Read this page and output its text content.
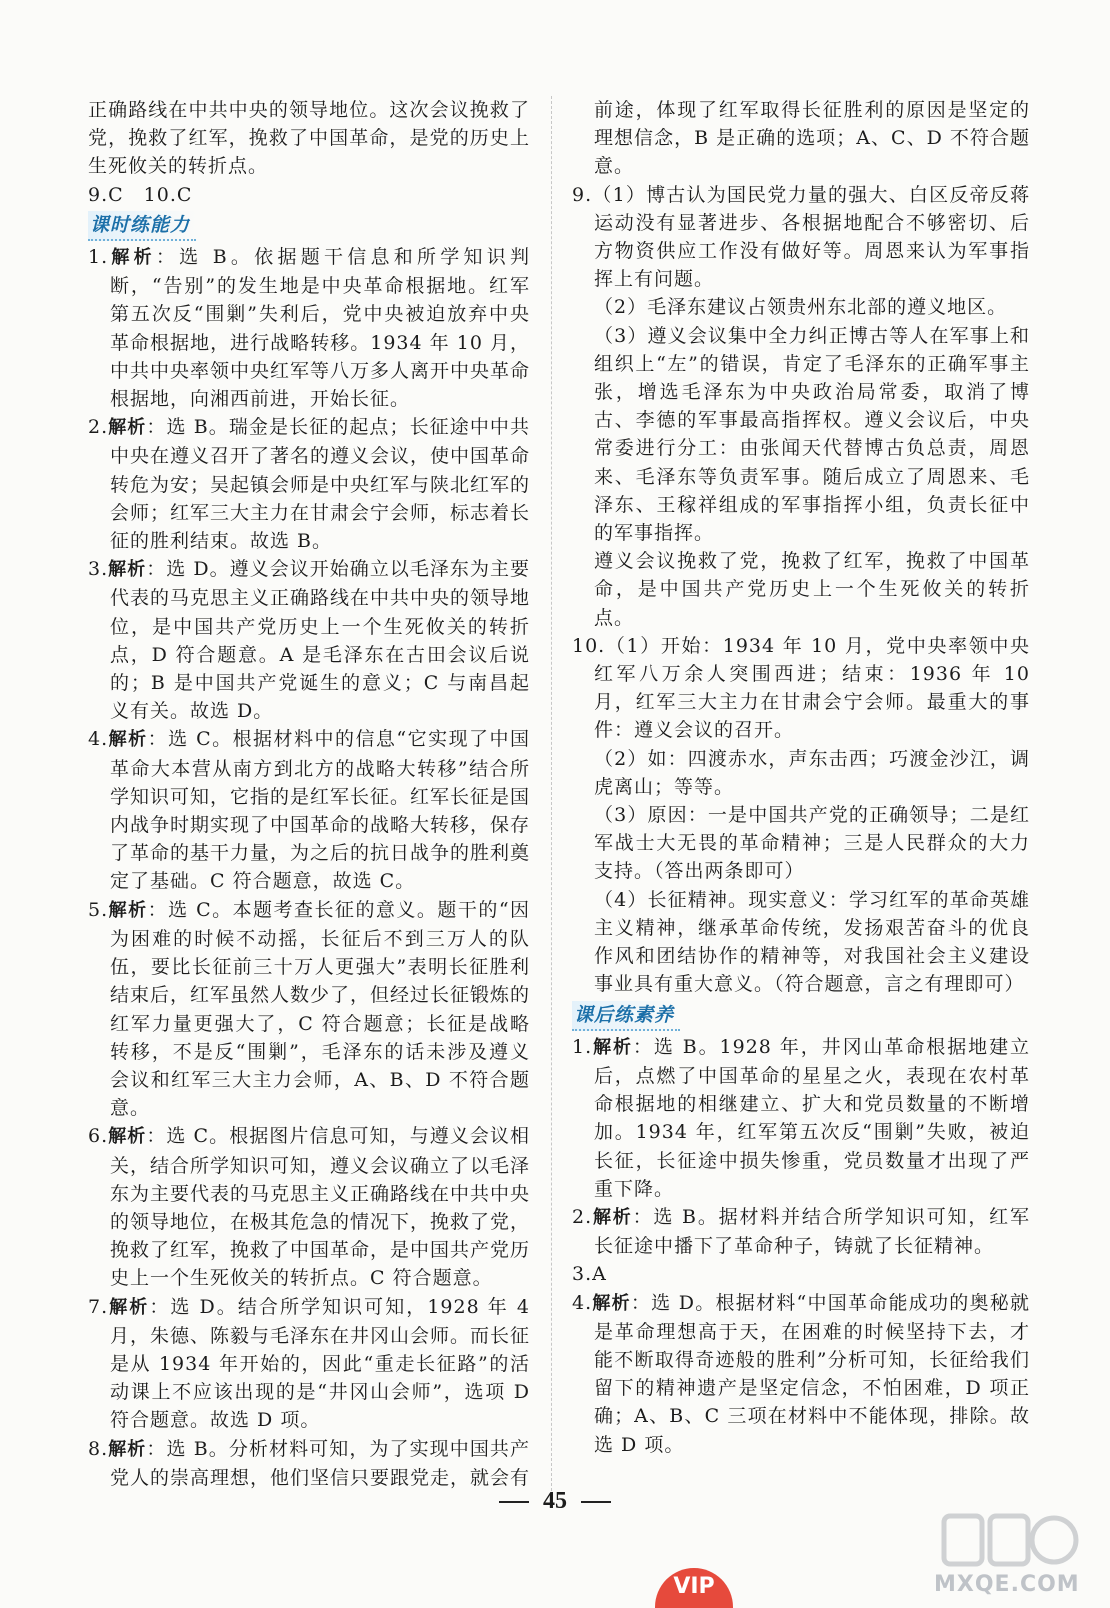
正确路线在中共中央的领导地位。这次会议挽救了党，挽救了红军，挽救了中国革命，是党的历史上生死攸关的转折点。

9.C　10.C

课时练能力

1.解析：选 B。依据题干信息和所学知识判断，“告别”的发生地是中央革命根据地。红军第五次反“围剿”失利后，党中央被迫放弃中央革命根据地，进行战略转移。1934 年 10 月，中共中央率领中央红军等八万多人离开中央革命根据地，向湘西前进，开始长征。

2.解析：选 B。瑞金是长征的起点；长征途中中共中央在遵义召开了著名的遵义会议，使中国革命转危为安；吴起镇会师是中央红军与陕北红军的会师；红军三大主力在甘肃会宁会师，标志着长征的胜利结束。故选 B。

3.解析：选 D。遵义会议开始确立以毛泽东为主要代表的马克思主义正确路线在中共中央的领导地位，是中国共产党历史上一个生死攸关的转折点，D 符合题意。A 是毛泽东在古田会议后说的；B 是中国共产党诞生的意义；C 与南昌起义有关。故选 D。

4.解析：选 C。根据材料中的信息“它实现了中国革命大本营从南方到北方的战略大转移”结合所学知识可知，它指的是红军长征。红军长征是国内战争时期实现了中国革命的战略大转移，保存了革命的基干力量，为之后的抗日战争的胜利奠定了基础。C 符合题意，故选 C。

5.解析：选 C。本题考查长征的意义。题干的“因为困难的时候不动摇，长征后不到三万人的队伍，要比长征前三十万人更强大”表明长征胜利结束后，红军虽然人数少了，但经过长征锻炼的红军力量更强大了，C 符合题意；长征是战略转移，不是反“围剿”，毛泽东的话未涉及遵义会议和红军三大主力会师，A、B、D 不符合题意。

6.解析：选 C。根据图片信息可知，与遵义会议相关，结合所学知识可知，遵义会议确立了以毛泽东为主要代表的马克思主义正确路线在中共中央的领导地位，在极其危急的情况下，挽救了党，挽救了红军，挽救了中国革命，是中国共产党历史上一个生死攸关的转折点。C 符合题意。

7.解析：选 D。结合所学知识可知，1928 年 4 月，朱德、陈毅与毛泽东在井冈山会师。而长征是从 1934 年开始的，因此“重走长征路”的活动课上不应该出现的是“井冈山会师”，选项 D 符合题意。故选 D 项。

8.解析：选 B。分析材料可知，为了实现中国共产党人的崇高理想，他们坚信只要跟党走，就会有

前途，体现了红军取得长征胜利的原因是坚定的理想信念，B 是正确的选项；A、C、D 不符合题意。

9.（1）博古认为国民党力量的强大、白区反帝反蒋运动没有显著进步、各根据地配合不够密切、后方物资供应工作没有做好等。周恩来认为军事指挥上有问题。

（2）毛泽东建议占领贵州东北部的遵义地区。

（3）遵义会议集中全力纠正博古等人在军事上和组织上“左”的错误，肯定了毛泽东的正确军事主张，增选毛泽东为中央政治局常委，取消了博古、李德的军事最高指挥权。遵义会议后，中央常委进行分工：由张闻天代替博古负总责，周恩来、毛泽东等负责军事。随后成立了周恩来、毛泽东、王稼祥组成的军事指挥小组，负责长征中的军事指挥。

遵义会议挽救了党，挽救了红军，挽救了中国革命，是中国共产党历史上一个生死攸关的转折点。

10.（1）开始：1934 年 10 月，党中央率领中央红军八万余人突围西进；结束：1936 年 10 月，红军三大主力在甘肃会宁会师。最重大的事件：遵义会议的召开。

（2）如：四渡赤水，声东击西；巧渡金沙江，调虎离山；等等。

（3）原因：一是中国共产党的正确领导；二是红军战士大无畏的革命精神；三是人民群众的大力支持。（答出两条即可）

（4）长征精神。现实意义：学习红军的革命英雄主义精神，继承革命传统，发扬艰苦奋斗的优良作风和团结协作的精神等，对我国社会主义建设事业具有重大意义。（符合题意，言之有理即可）

课后练素养

1.解析：选 B。1928 年，井冈山革命根据地建立后，点燃了中国革命的星星之火，表现在农村革命根据地的相继建立、扩大和党员数量的不断增加。1934 年，红军第五次反“围剿”失败，被迫长征，长征途中损失惨重，党员数量才出现了严重下降。

2.解析：选 B。据材料并结合所学知识可知，红军长征途中播下了革命种子，铸就了长征精神。

3.A

4.解析：选 D。根据材料“中国革命能成功的奥秘就是革命理想高于天，在困难的时候坚持下去，才能不断取得奇迹般的胜利”分析可知，长征给我们留下的精神遗产是坚定信念，不怕困难，D 项正确；A、B、C 三项在材料中不能体现，排除。故选 D 项。

45
VIP	MXQE.COM
